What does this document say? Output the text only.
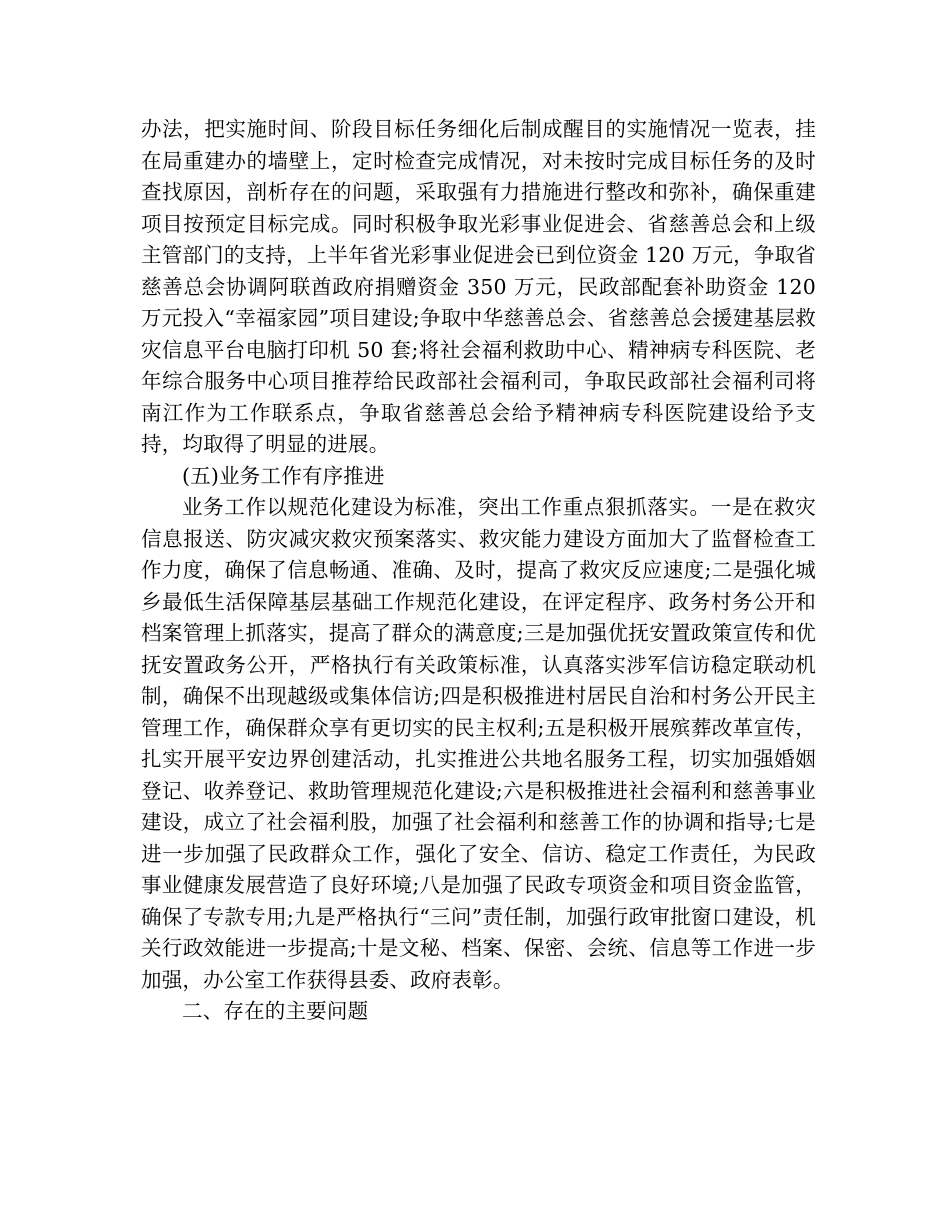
办法，把实施时间、阶段目标任务细化后制成醒目的实施情况一览表，挂在局重建办的墙壁上，定时检查完成情况，对未按时完成目标任务的及时查找原因，剖析存在的问题，采取强有力措施进行整改和弥补，确保重建项目按预定目标完成。同时积极争取光彩事业促进会、省慈善总会和上级主管部门的支持，上半年省光彩事业促进会已到位资金 120 万元，争取省慈善总会协调阿联酋政府捐赠资金 350 万元，民政部配套补助资金 120 万元投入“幸福家园”项目建设;争取中华慈善总会、省慈善总会援建基层救灾信息平台电脑打印机 50 套;将社会福利救助中心、精神病专科医院、老年综合服务中心项目推荐给民政部社会福利司，争取民政部社会福利司将南江作为工作联系点，争取省慈善总会给予精神病专科医院建设给予支持，均取得了明显的进展。

(五)业务工作有序推进

业务工作以规范化建设为标准，突出工作重点狠抓落实。一是在救灾信息报送、防灾减灾救灾预案落实、救灾能力建设方面加大了监督检查工作力度，确保了信息畅通、准确、及时，提高了救灾反应速度;二是强化城乡最低生活保障基层基础工作规范化建设，在评定程序、政务村务公开和档案管理上抓落实，提高了群众的满意度;三是加强优抚安置政策宣传和优抚安置政务公开，严格执行有关政策标准，认真落实涉军信访稳定联动机制，确保不出现越级或集体信访;四是积极推进村居民自治和村务公开民主管理工作，确保群众享有更切实的民主权利;五是积极开展殡葬改革宣传，扎实开展平安边界创建活动，扎实推进公共地名服务工程，切实加强婚姻登记、收养登记、救助管理规范化建设;六是积极推进社会福利和慈善事业建设，成立了社会福利股，加强了社会福利和慈善工作的协调和指导;七是进一步加强了民政群众工作，强化了安全、信访、稳定工作责任，为民政事业健康发展营造了良好环境;八是加强了民政专项资金和项目资金监管，确保了专款专用;九是严格执行“三问”责任制，加强行政审批窗口建设，机关行政效能进一步提高;十是文秘、档案、保密、会统、信息等工作进一步加强，办公室工作获得县委、政府表彰。

二、存在的主要问题
